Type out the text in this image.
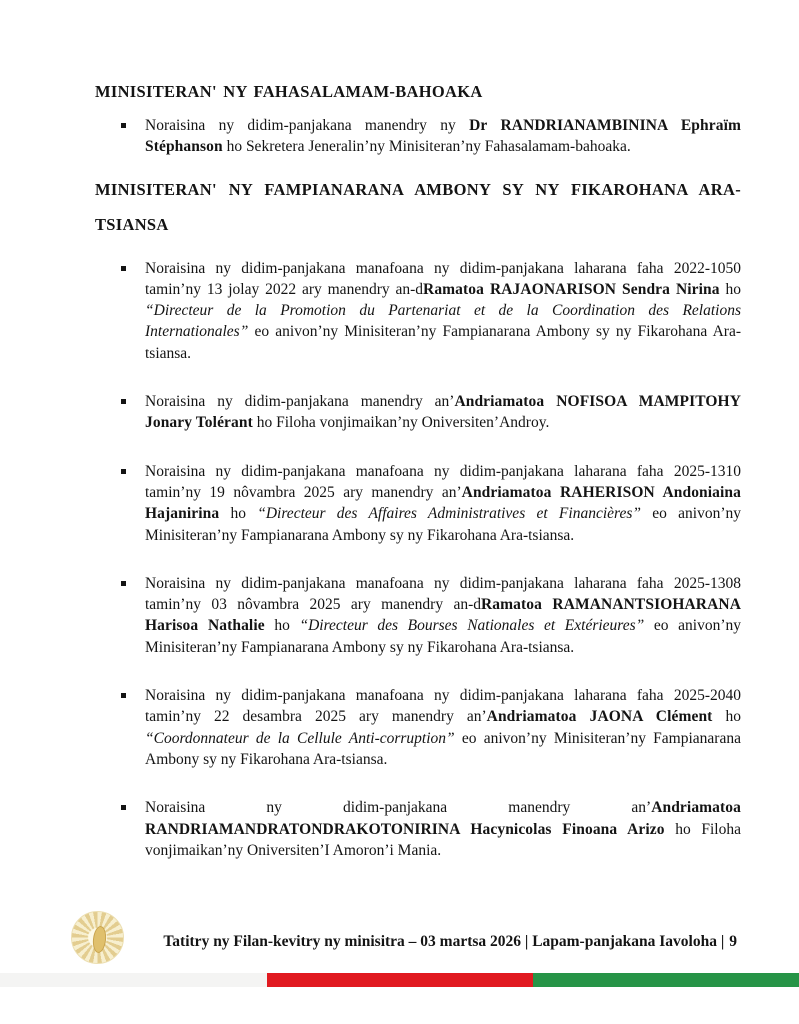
MINISITERAN' NY FAHASALAMAM-BAHOAKA
Noraisina ny didim-panjakana manendry ny Dr RANDRIANAMBININA Ephraïm Stéphanson ho Sekretera Jeneralin’ny Minisiteran’ny Fahasalamam-bahoaka.
MINISITERAN' NY FAMPIANARANA AMBONY SY NY FIKAROHANA ARA-TSIANSA
Noraisina ny didim-panjakana manafoana ny didim-panjakana laharana faha 2022-1050 tamin’ny 13 jolay 2022 ary manendry an-dRamatoa RAJAONARISON Sendra Nirina ho “Directeur de la Promotion du Partenariat et de la Coordination des Relations Internationales” eo anivon’ny Minisiteran’ny Fampianarana Ambony sy ny Fikarohana Ara-tsiansa.
Noraisina ny didim-panjakana manendry an’Andriamatoa NOFISOA MAMPITOHY Jonary Tolérant ho Filoha vonjimaikan’ny Oniversiten’Androy.
Noraisina ny didim-panjakana manafoana ny didim-panjakana laharana faha 2025-1310 tamin’ny 19 nôvambra 2025 ary manendry an’Andriamatoa RAHERISON Andoniaina Hajanirina ho “Directeur des Affaires Administratives et Financières” eo anivon’ny Minisiteran’ny Fampianarana Ambony sy ny Fikarohana Ara-tsiansa.
Noraisina ny didim-panjakana manafoana ny didim-panjakana laharana faha 2025-1308 tamin’ny 03 nôvambra 2025 ary manendry an-dRamatoa RAMANANTSIOHARANA Harisoa Nathalie ho “Directeur des Bourses Nationales et Extérieures” eo anivon’ny Minisiteran’ny Fampianarana Ambony sy ny Fikarohana Ara-tsiansa.
Noraisina ny didim-panjakana manafoana ny didim-panjakana laharana faha 2025-2040 tamin’ny 22 desambra 2025 ary manendry an’Andriamatoa JAONA Clément ho “Coordonnateur de la Cellule Anti-corruption” eo anivon’ny Minisiteran’ny Fampianarana Ambony sy ny Fikarohana Ara-tsiansa.
Noraisina ny didim-panjakana manendry an’Andriamatoa RANDRIAMANDRATONDRAKOTONIRINA Hacynicolas Finoana Arizo ho Filoha vonjimaikan’ny Oniversiten’I Amoron’i Mania.
Tatitry ny Filan-kevitry ny minisitra – 03 martsa 2026 | Lapam-panjakana Iavoloha | 9
